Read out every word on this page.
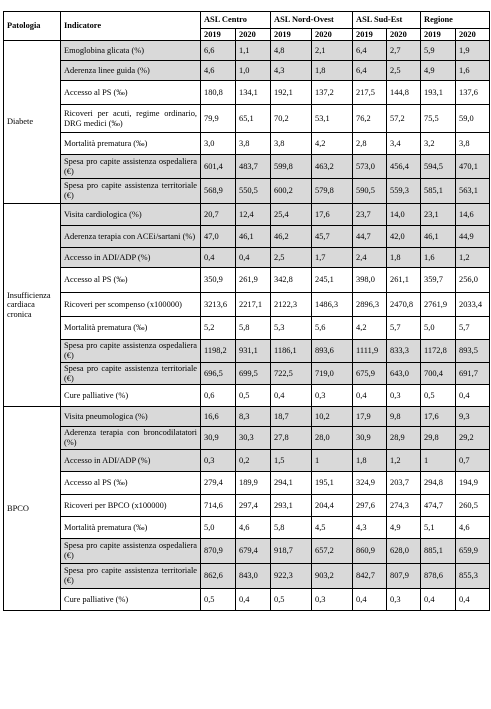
Patologia	Indicatore	ASL Centro		ASL Nord-Ovest		ASL Sud-Est		Regione	
		2019	2020	2019	2020	2019	2020	2019	2020
Diabete	Emoglobina glicata (%)	6,6	1,1	4,8	2,1	6,4	2,7	5,9	1,9
	Aderenza linee guida (%)	4,6	1,0	4,3	1,8	6,4	2,5	4,9	1,6
	Accesso al PS (‰)	180,8	134,1	192,1	137,2	217,5	144,8	193,1	137,6
	Ricoveri per acuti, regime ordinario, DRG medici (‰)	79,9	65,1	70,2	53,1	76,2	57,2	75,5	59,0
	Mortalità prematura (‰)	3,0	3,8	3,8	4,2	2,8	3,4	3,2	3,8
	Spesa pro capite assistenza ospedaliera (€)	601,4	483,7	599,8	463,2	573,0	456,4	594,5	470,1
	Spesa pro capite assistenza territoriale (€)	568,9	550,5	600,2	579,8	590,5	559,3	585,1	563,1
Insufficienza cardiaca cronica	Visita cardiologica (%)	20,7	12,4	25,4	17,6	23,7	14,0	23,1	14,6
	Aderenza terapia con ACEi/sartani (%)	47,0	46,1	46,2	45,7	44,7	42,0	46,1	44,9
	Accesso in ADI/ADP (%)	0,4	0,4	2,5	1,7	2,4	1,8	1,6	1,2
	Accesso al PS (‰)	350,9	261,9	342,8	245,1	398,0	261,1	359,7	256,0
	Ricoveri per scompenso (x100000)	3213,6	2217,1	2122,3	1486,3	2896,3	2470,8	2761,9	2033,4
	Mortalità prematura (‰)	5,2	5,8	5,3	5,6	4,2	5,7	5,0	5,7
	Spesa pro capite assistenza ospedaliera (€)	1198,2	931,1	1186,1	893,6	1111,9	833,3	1172,8	893,5
	Spesa pro capite assistenza territoriale (€)	696,5	699,5	722,5	719,0	675,9	643,0	700,4	691,7
	Cure palliative (%)	0,6	0,5	0,4	0,3	0,4	0,3	0,5	0,4
BPCO	Visita pneumologica (%)	16,6	8,3	18,7	10,2	17,9	9,8	17,6	9,3
	Aderenza terapia con broncodilatatori (%)	30,9	30,3	27,8	28,0	30,9	28,9	29,8	29,2
	Accesso in ADI/ADP (%)	0,3	0,2	1,5	1	1,8	1,2	1	0,7
	Accesso al PS (‰)	279,4	189,9	294,1	195,1	324,9	203,7	294,8	194,9
	Ricoveri per BPCO (x100000)	714,6	297,4	293,1	204,4	297,6	274,3	474,7	260,5
	Mortalità prematura (‰)	5,0	4,6	5,8	4,5	4,3	4,9	5,1	4,6
	Spesa pro capite assistenza ospedaliera (€)	870,9	679,4	918,7	657,2	860,9	628,0	885,1	659,9
	Spesa pro capite assistenza territoriale (€)	862,6	843,0	922,3	903,2	842,7	807,9	878,6	855,3
	Cure palliative (%)	0,5	0,4	0,5	0,3	0,4	0,3	0,4	0,4
